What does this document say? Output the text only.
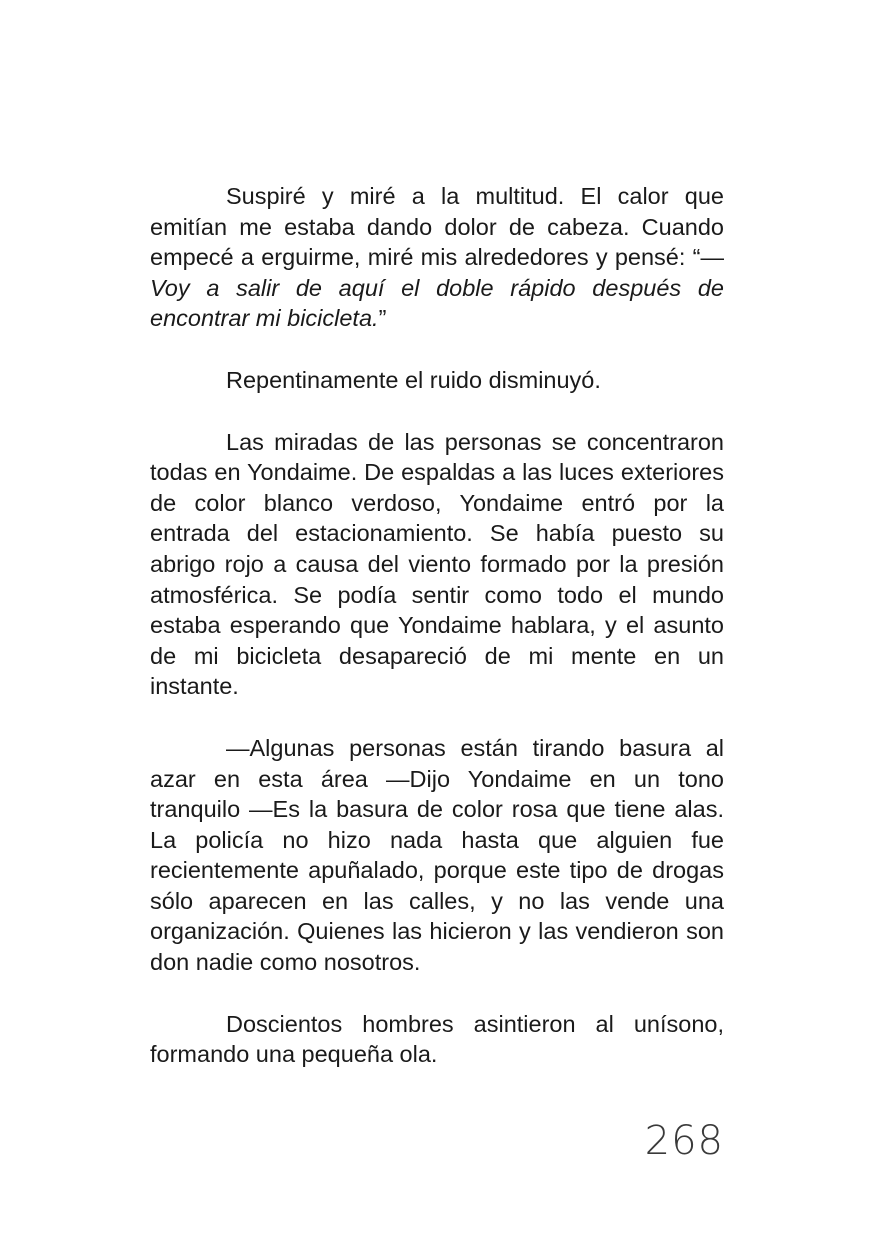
Suspiré y miré a la multitud. El calor que emitían me estaba dando dolor de cabeza. Cuando empecé a erguirme, miré mis alrededores y pensé: “—Voy a salir de aquí el doble rápido después de encontrar mi bicicleta.”

Repentinamente el ruido disminuyó.

Las miradas de las personas se concentraron todas en Yondaime. De espaldas a las luces exteriores de color blanco verdoso, Yondaime entró por la entrada del estacionamiento. Se había puesto su abrigo rojo a causa del viento formado por la presión atmosférica. Se podía sentir como todo el mundo estaba esperando que Yondaime hablara, y el asunto de mi bicicleta desapareció de mi mente en un instante.

—Algunas personas están tirando basura al azar en esta área —Dijo Yondaime en un tono tranquilo —Es la basura de color rosa que tiene alas. La policía no hizo nada hasta que alguien fue recientemente apuñalado, porque este tipo de drogas sólo aparecen en las calles, y no las vende una organización. Quienes las hicieron y las vendieron son don nadie como nosotros.

Doscientos hombres asintieron al unísono, formando una pequeña ola.

268
